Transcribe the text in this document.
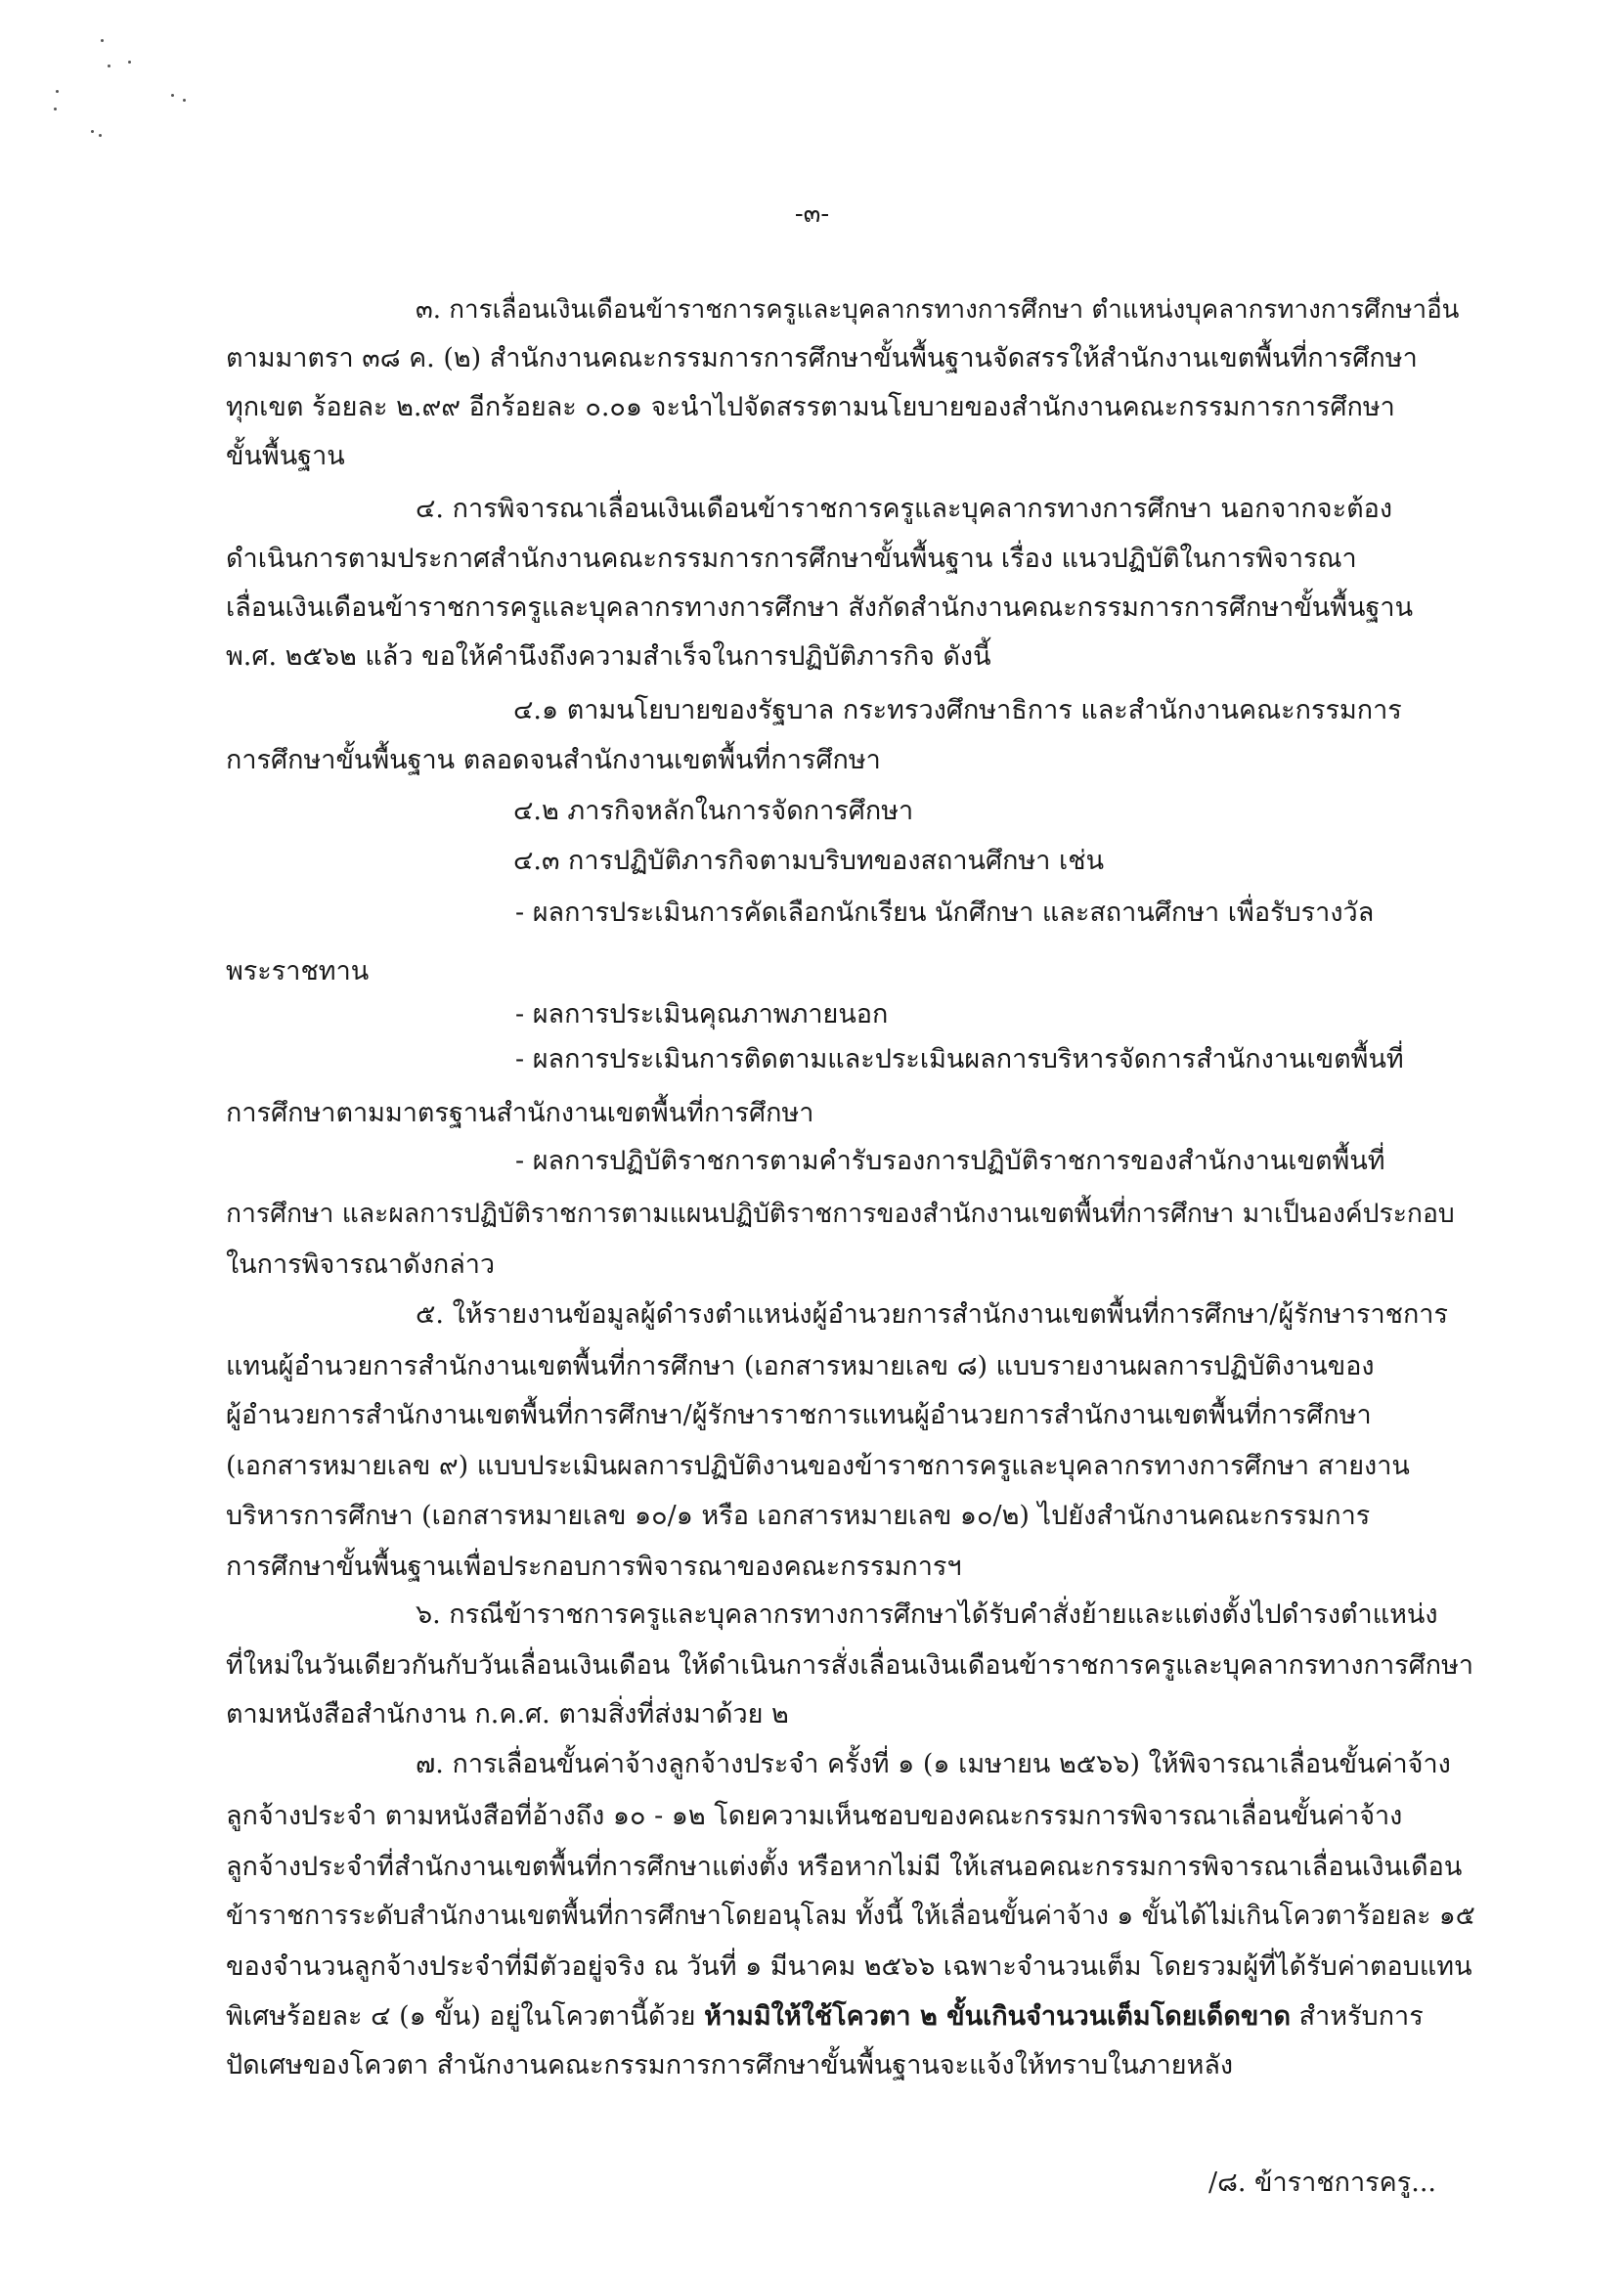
-๓-
๓. การเลื่อนเงินเดือนข้าราชการครูและบุคลากรทางการศึกษา ตำแหน่งบุคลากรทางการศึกษาอื่น
ตามมาตรา ๓๘ ค. (๒) สำนักงานคณะกรรมการการศึกษาขั้นพื้นฐานจัดสรรให้สำนักงานเขตพื้นที่การศึกษา
ทุกเขต ร้อยละ ๒.๙๙ อีกร้อยละ ๐.๐๑ จะนำไปจัดสรรตามนโยบายของสำนักงานคณะกรรมการการศึกษา
ขั้นพื้นฐาน
๔. การพิจารณาเลื่อนเงินเดือนข้าราชการครูและบุคลากรทางการศึกษา นอกจากจะต้อง
ดำเนินการตามประกาศสำนักงานคณะกรรมการการศึกษาขั้นพื้นฐาน เรื่อง แนวปฏิบัติในการพิจารณา
เลื่อนเงินเดือนข้าราชการครูและบุคลากรทางการศึกษา สังกัดสำนักงานคณะกรรมการการศึกษาขั้นพื้นฐาน
พ.ศ. ๒๕๖๒ แล้ว ขอให้คำนึงถึงความสำเร็จในการปฏิบัติภารกิจ ดังนี้
๔.๑ ตามนโยบายของรัฐบาล กระทรวงศึกษาธิการ และสำนักงานคณะกรรมการ
การศึกษาขั้นพื้นฐาน ตลอดจนสำนักงานเขตพื้นที่การศึกษา
๔.๒ ภารกิจหลักในการจัดการศึกษา
๔.๓ การปฏิบัติภารกิจตามบริบทของสถานศึกษา เช่น
- ผลการประเมินการคัดเลือกนักเรียน นักศึกษา และสถานศึกษา เพื่อรับรางวัล
พระราชทาน
- ผลการประเมินคุณภาพภายนอก
- ผลการประเมินการติดตามและประเมินผลการบริหารจัดการสำนักงานเขตพื้นที่
การศึกษาตามมาตรฐานสำนักงานเขตพื้นที่การศึกษา
- ผลการปฏิบัติราชการตามคำรับรองการปฏิบัติราชการของสำนักงานเขตพื้นที่
การศึกษา และผลการปฏิบัติราชการตามแผนปฏิบัติราชการของสำนักงานเขตพื้นที่การศึกษา มาเป็นองค์ประกอบ
ในการพิจารณาดังกล่าว
๕. ให้รายงานข้อมูลผู้ดำรงตำแหน่งผู้อำนวยการสำนักงานเขตพื้นที่การศึกษา/ผู้รักษาราชการ
แทนผู้อำนวยการสำนักงานเขตพื้นที่การศึกษา (เอกสารหมายเลข ๘) แบบรายงานผลการปฏิบัติงานของ
ผู้อำนวยการสำนักงานเขตพื้นที่การศึกษา/ผู้รักษาราชการแทนผู้อำนวยการสำนักงานเขตพื้นที่การศึกษา
(เอกสารหมายเลข ๙) แบบประเมินผลการปฏิบัติงานของข้าราชการครูและบุคลากรทางการศึกษา สายงาน
บริหารการศึกษา (เอกสารหมายเลข ๑๐/๑ หรือ เอกสารหมายเลข ๑๐/๒) ไปยังสำนักงานคณะกรรมการ
การศึกษาขั้นพื้นฐานเพื่อประกอบการพิจารณาของคณะกรรมการฯ
๖. กรณีข้าราชการครูและบุคลากรทางการศึกษาได้รับคำสั่งย้ายและแต่งตั้งไปดำรงตำแหน่ง
ที่ใหม่ในวันเดียวกันกับวันเลื่อนเงินเดือน ให้ดำเนินการสั่งเลื่อนเงินเดือนข้าราชการครูและบุคลากรทางการศึกษา
ตามหนังสือสำนักงาน ก.ค.ศ. ตามสิ่งที่ส่งมาด้วย ๒
๗. การเลื่อนขั้นค่าจ้างลูกจ้างประจำ ครั้งที่ ๑ (๑ เมษายน ๒๕๖๖) ให้พิจารณาเลื่อนขั้นค่าจ้าง
ลูกจ้างประจำ ตามหนังสือที่อ้างถึง ๑๐ - ๑๒ โดยความเห็นชอบของคณะกรรมการพิจารณาเลื่อนขั้นค่าจ้าง
ลูกจ้างประจำที่สำนักงานเขตพื้นที่การศึกษาแต่งตั้ง หรือหากไม่มี ให้เสนอคณะกรรมการพิจารณาเลื่อนเงินเดือน
ข้าราชการระดับสำนักงานเขตพื้นที่การศึกษาโดยอนุโลม ทั้งนี้ ให้เลื่อนขั้นค่าจ้าง ๑ ขั้นได้ไม่เกินโควตาร้อยละ ๑๕
ของจำนวนลูกจ้างประจำที่มีตัวอยู่จริง ณ วันที่ ๑ มีนาคม ๒๕๖๖ เฉพาะจำนวนเต็ม โดยรวมผู้ที่ได้รับค่าตอบแทน
พิเศษร้อยละ ๔ (๑ ขั้น) อยู่ในโควตานี้ด้วย ห้ามมิให้ใช้โควตา ๒ ขั้นเกินจำนวนเต็มโดยเด็ดขาด สำหรับการ
ปัดเศษของโควตา สำนักงานคณะกรรมการการศึกษาขั้นพื้นฐานจะแจ้งให้ทราบในภายหลัง
/๘. ข้าราชการครู...
